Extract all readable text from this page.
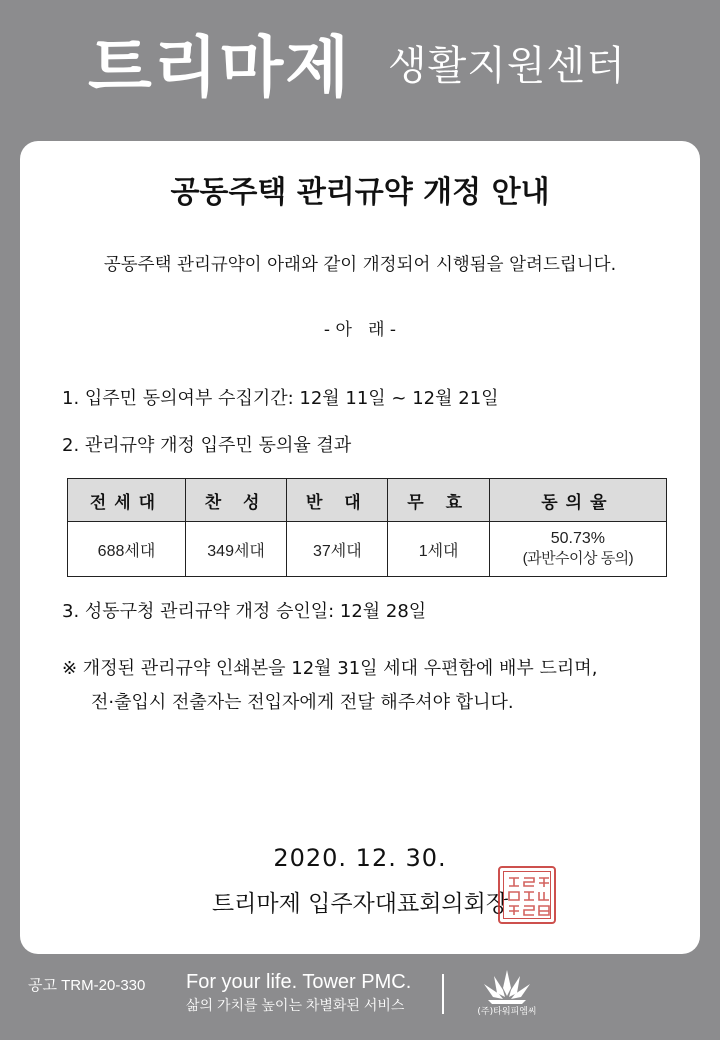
트리마제 생활지원센터
공동주택 관리규약 개정 안내
공동주택 관리규약이 아래와 같이 개정되어 시행됨을 알려드립니다.
- 아   래 -
1. 입주민 동의여부 수집기간: 12월 11일 ~ 12월 21일
2. 관리규약 개정 입주민 동의율 결과
전세대	찬 성	반 대	무 효	동의율
688세대	349세대	37세대	1세대	50.73%
(과반수이상 동의)
3. 성동구청 관리규약 개정 승인일: 12월 28일
※ 개정된 관리규약 인쇄본을 12월 31일 세대 우편함에 배부 드리며,
전·출입시 전출자는 전입자에게 전달 해주셔야 합니다.
2020. 12. 30.
트리마제 입주자대표회의회장
공고 TRM-20-330 For your life. Tower PMC.
삶의 가치를 높이는 차별화된 서비스	(주)타워피엠씨
